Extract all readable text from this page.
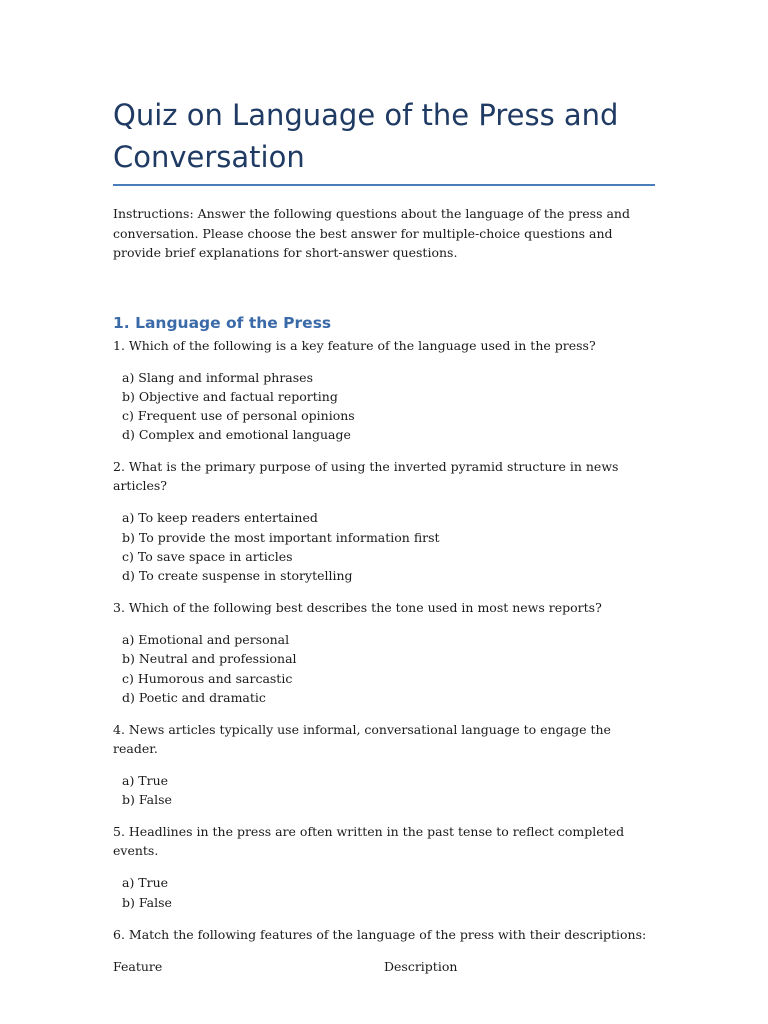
Quiz on Language of the Press and Conversation

Instructions: Answer the following questions about the language of the press and conversation. Please choose the best answer for multiple-choice questions and provide brief explanations for short-answer questions.

1. Language of the Press

1. Which of the following is a key feature of the language used in the press?

a) Slang and informal phrases
b) Objective and factual reporting
c) Frequent use of personal opinions
d) Complex and emotional language

2. What is the primary purpose of using the inverted pyramid structure in news articles?

a) To keep readers entertained
b) To provide the most important information first
c) To save space in articles
d) To create suspense in storytelling

3. Which of the following best describes the tone used in most news reports?

a) Emotional and personal
b) Neutral and professional
c) Humorous and sarcastic
d) Poetic and dramatic

4. News articles typically use informal, conversational language to engage the reader.

a) True
b) False

5. Headlines in the press are often written in the past tense to reflect completed events.

a) True
b) False

6. Match the following features of the language of the press with their descriptions:

Feature	Description
